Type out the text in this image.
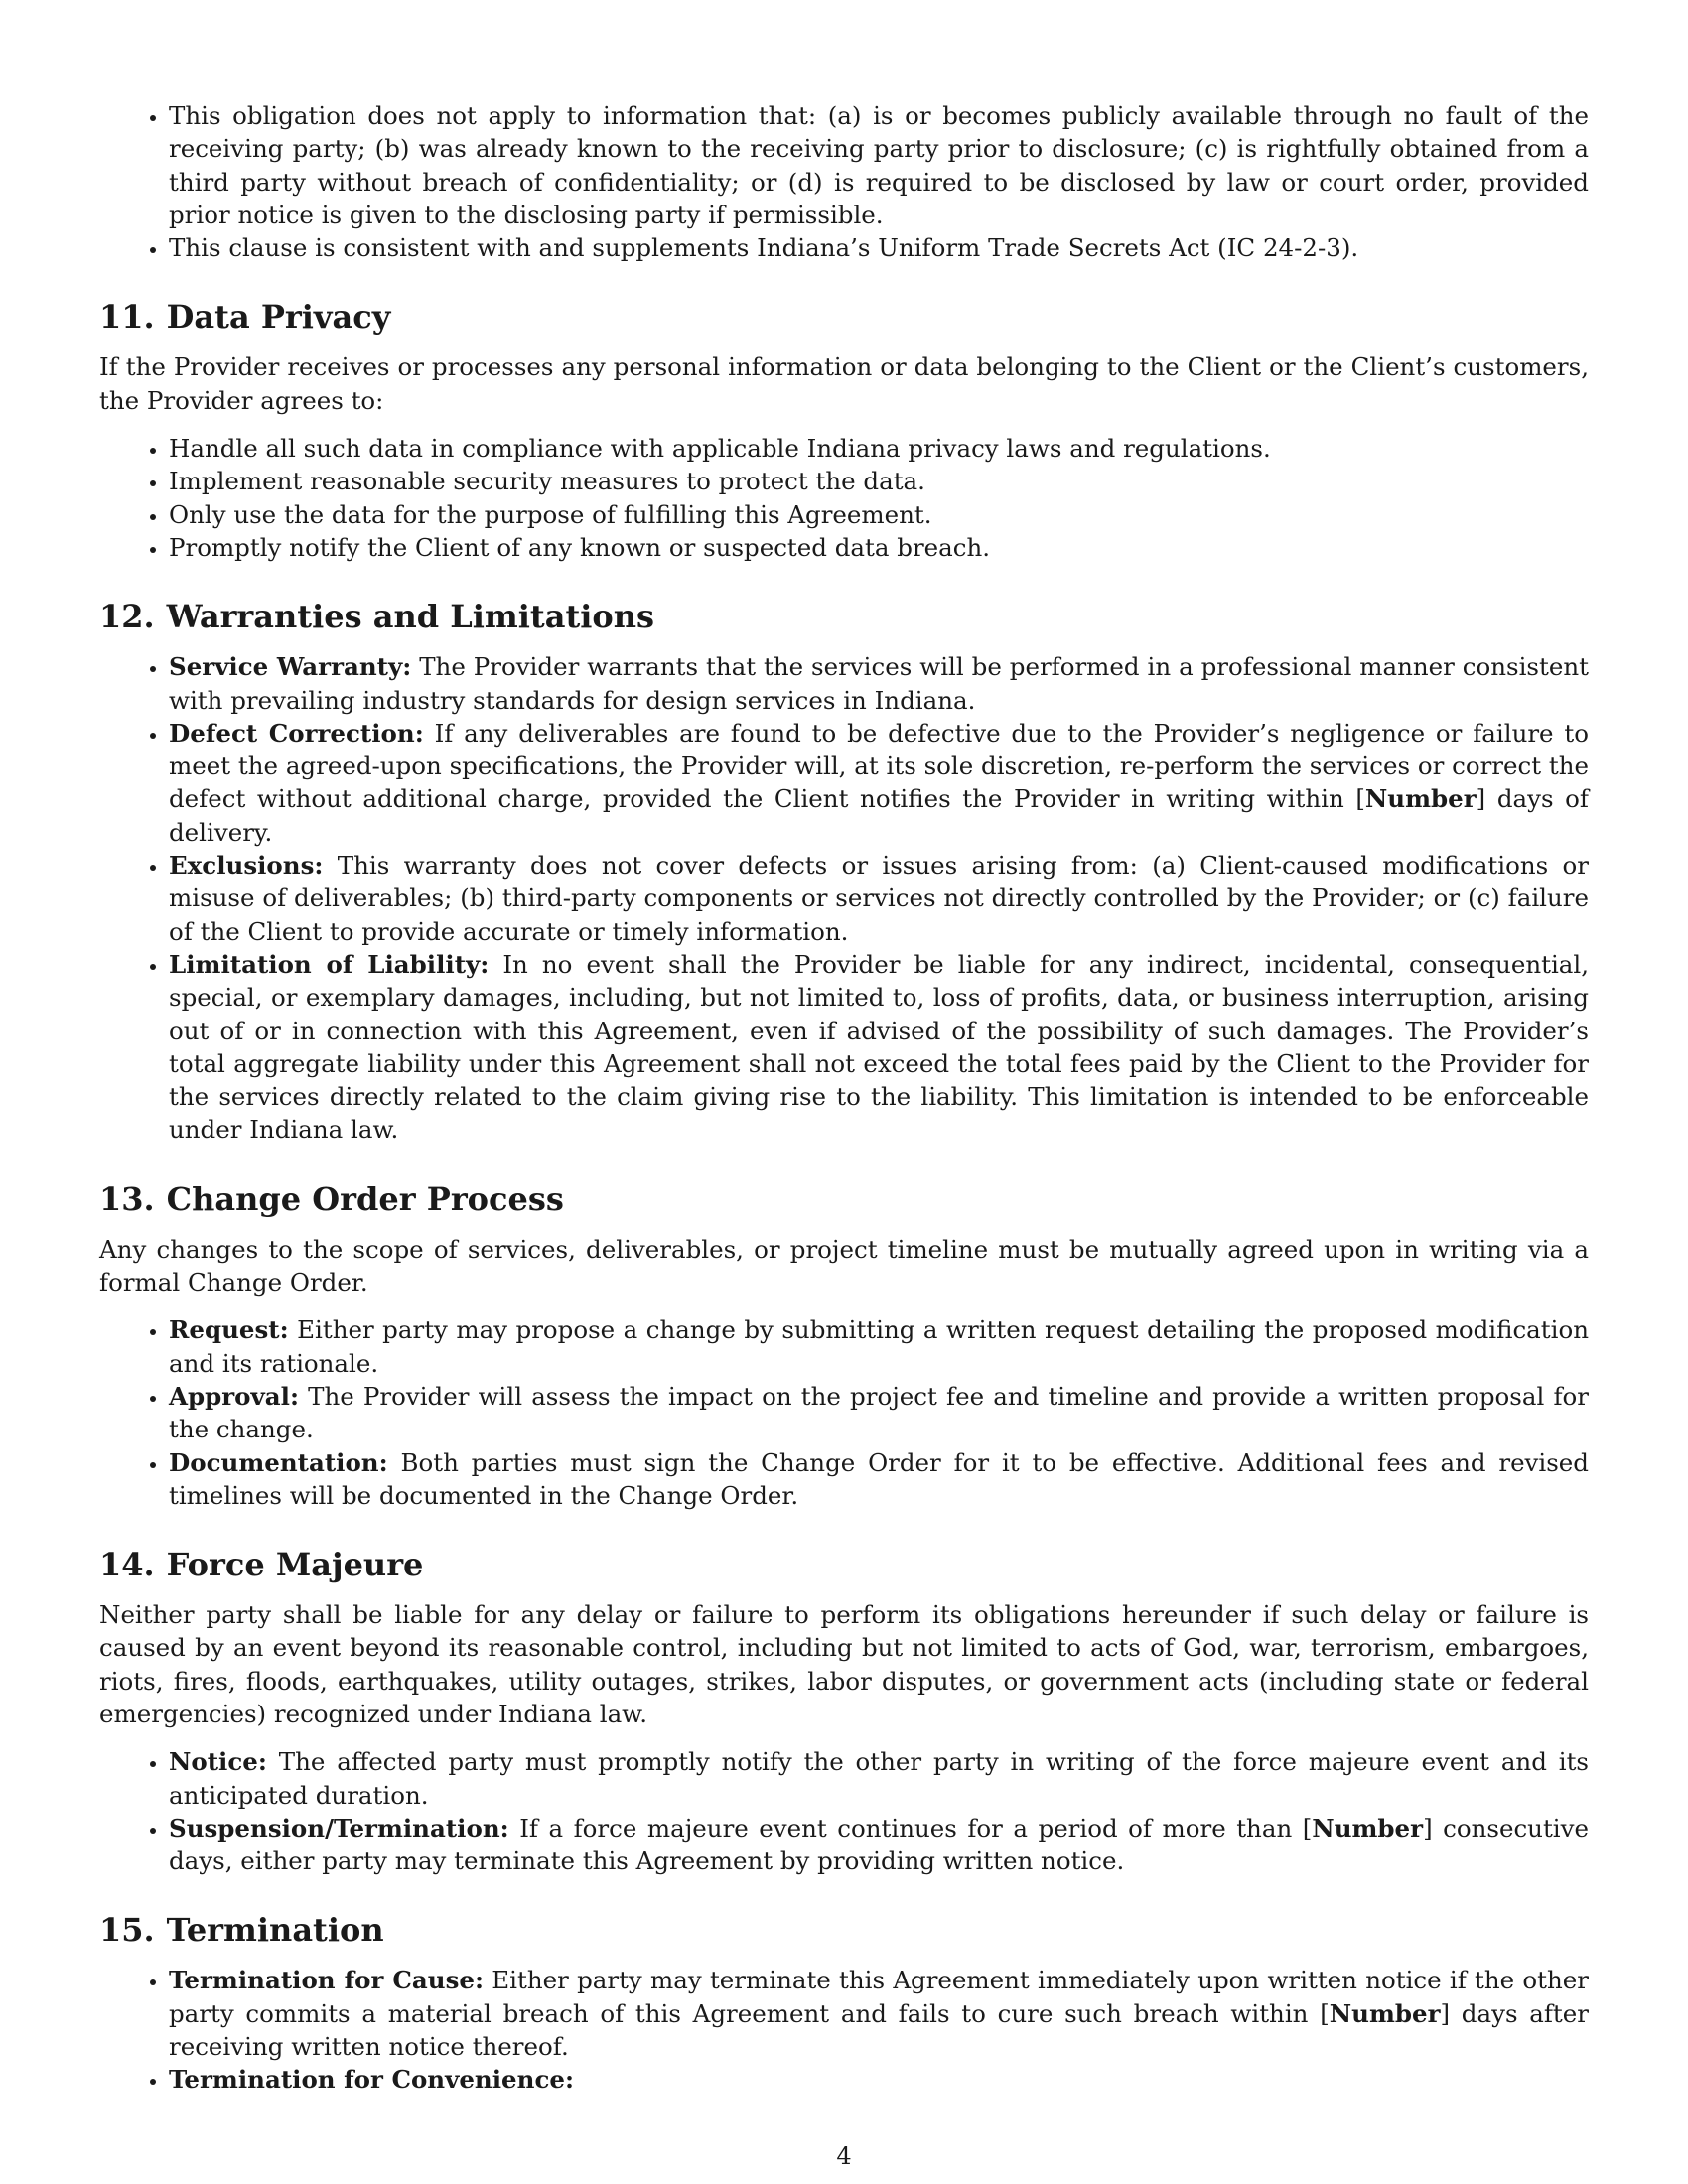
• This obligation does not apply to information that: (a) is or becomes publicly available through no fault of the receiving party; (b) was already known to the receiving party prior to disclosure; (c) is rightfully obtained from a third party without breach of confidentiality; or (d) is required to be disclosed by law or court order, provided prior notice is given to the disclosing party if permissible.
• This clause is consistent with and supplements Indiana’s Uniform Trade Secrets Act (IC 24-2-3).
11. Data Privacy

If the Provider receives or processes any personal information or data belonging to the Client or the Client’s customers, the Provider agrees to:

• Handle all such data in compliance with applicable Indiana privacy laws and regulations.
• Implement reasonable security measures to protect the data.
• Only use the data for the purpose of fulfilling this Agreement.
• Promptly notify the Client of any known or suspected data breach.
12. Warranties and Limitations
• Service Warranty: The Provider warrants that the services will be performed in a professional manner consistent with prevailing industry standards for design services in Indiana.
• Defect Correction: If any deliverables are found to be defective due to the Provider’s negligence or failure to meet the agreed-upon specifications, the Provider will, at its sole discretion, re-perform the services or correct the defect without additional charge, provided the Client notifies the Provider in writing within [Number] days of delivery.
• Exclusions: This warranty does not cover defects or issues arising from: (a) Client-caused modifications or misuse of deliverables; (b) third-party components or services not directly controlled by the Provider; or (c) failure of the Client to provide accurate or timely information.
• Limitation of Liability: In no event shall the Provider be liable for any indirect, incidental, consequential, special, or exemplary damages, including, but not limited to, loss of profits, data, or business interruption, arising out of or in connection with this Agreement, even if advised of the possibility of such damages. The Provider’s total aggregate liability under this Agreement shall not exceed the total fees paid by the Client to the Provider for the services directly related to the claim giving rise to the liability. This limitation is intended to be enforceable under Indiana law.
13. Change Order Process

Any changes to the scope of services, deliverables, or project timeline must be mutually agreed upon in writing via a formal Change Order.

• Request: Either party may propose a change by submitting a written request detailing the proposed modification and its rationale.
• Approval: The Provider will assess the impact on the project fee and timeline and provide a written proposal for the change.
• Documentation: Both parties must sign the Change Order for it to be effective. Additional fees and revised timelines will be documented in the Change Order.
14. Force Majeure

Neither party shall be liable for any delay or failure to perform its obligations hereunder if such delay or failure is caused by an event beyond its reasonable control, including but not limited to acts of God, war, terrorism, embargoes, riots, fires, floods, earthquakes, utility outages, strikes, labor disputes, or government acts (including state or federal emergencies) recognized under Indiana law.

• Notice: The affected party must promptly notify the other party in writing of the force majeure event and its anticipated duration.
• Suspension/Termination: If a force majeure event continues for a period of more than [Number] consecutive days, either party may terminate this Agreement by providing written notice.
15. Termination
• Termination for Cause: Either party may terminate this Agreement immediately upon written notice if the other party commits a material breach of this Agreement and fails to cure such breach within [Number] days after receiving written notice thereof.
• Termination for Convenience:
4
